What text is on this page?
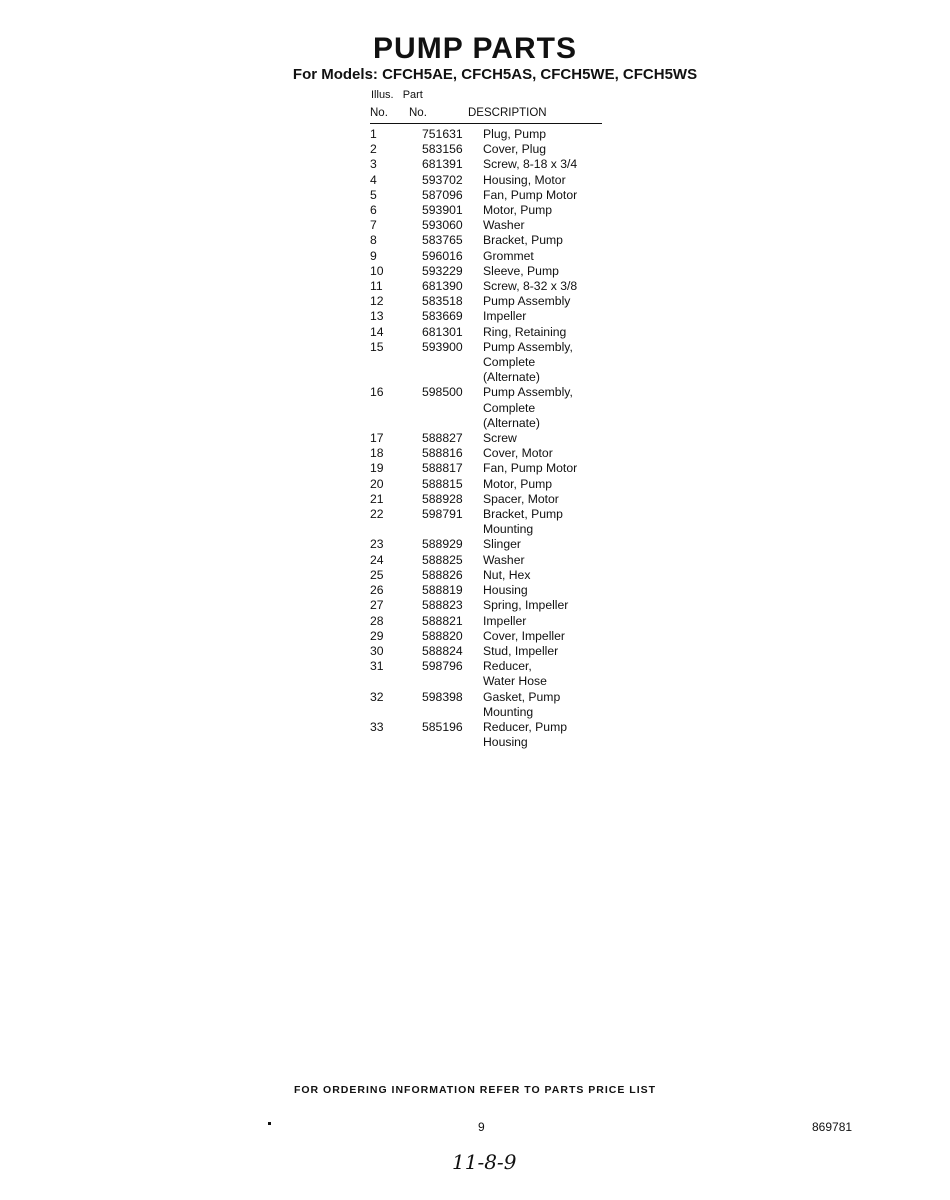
PUMP PARTS
For Models: CFCH5AE, CFCH5AS, CFCH5WE, CFCH5WS
Illus. Part
No. No.	DESCRIPTION
1	751631 Plug, Pump
2	583156 Cover, Plug
3	681391 Screw, 8-18 x 3/4
4	593702 Housing, Motor
5	587096 Fan, Pump Motor
6	593901 Motor, Pump
7	593060 Washer
8	583765 Bracket, Pump
9	596016 Grommet
10	593229 Sleeve, Pump
11	681390 Screw, 8-32 x 3/8
12	583518 Pump Assembly
13	583669 Impeller
14	681301 Ring, Retaining
15	593900 Pump Assembly,
Complete
(Alternate)
16	598500 Pump Assembly,
Complete
(Alternate)
17	588827 Screw
18	588816 Cover, Motor
19	588817 Fan, Pump Motor
20	588815 Motor, Pump
21	588928 Spacer, Motor
22	598791 Bracket, Pump
Mounting
23	588929 Slinger
24	588825 Washer
25	588826 Nut, Hex
26	588819 Housing
27	588823 Spring, Impeller
28	588821 Impeller
29	588820 Cover, Impeller
30	588824 Stud, Impeller
31	598796 Reducer,
Water Hose
32	598398 Gasket, Pump
Mounting
33	585196 Reducer, Pump
Housing
FOR ORDERING INFORMATION REFER TO PARTS PRICE LIST
9	869781
11-8-9
